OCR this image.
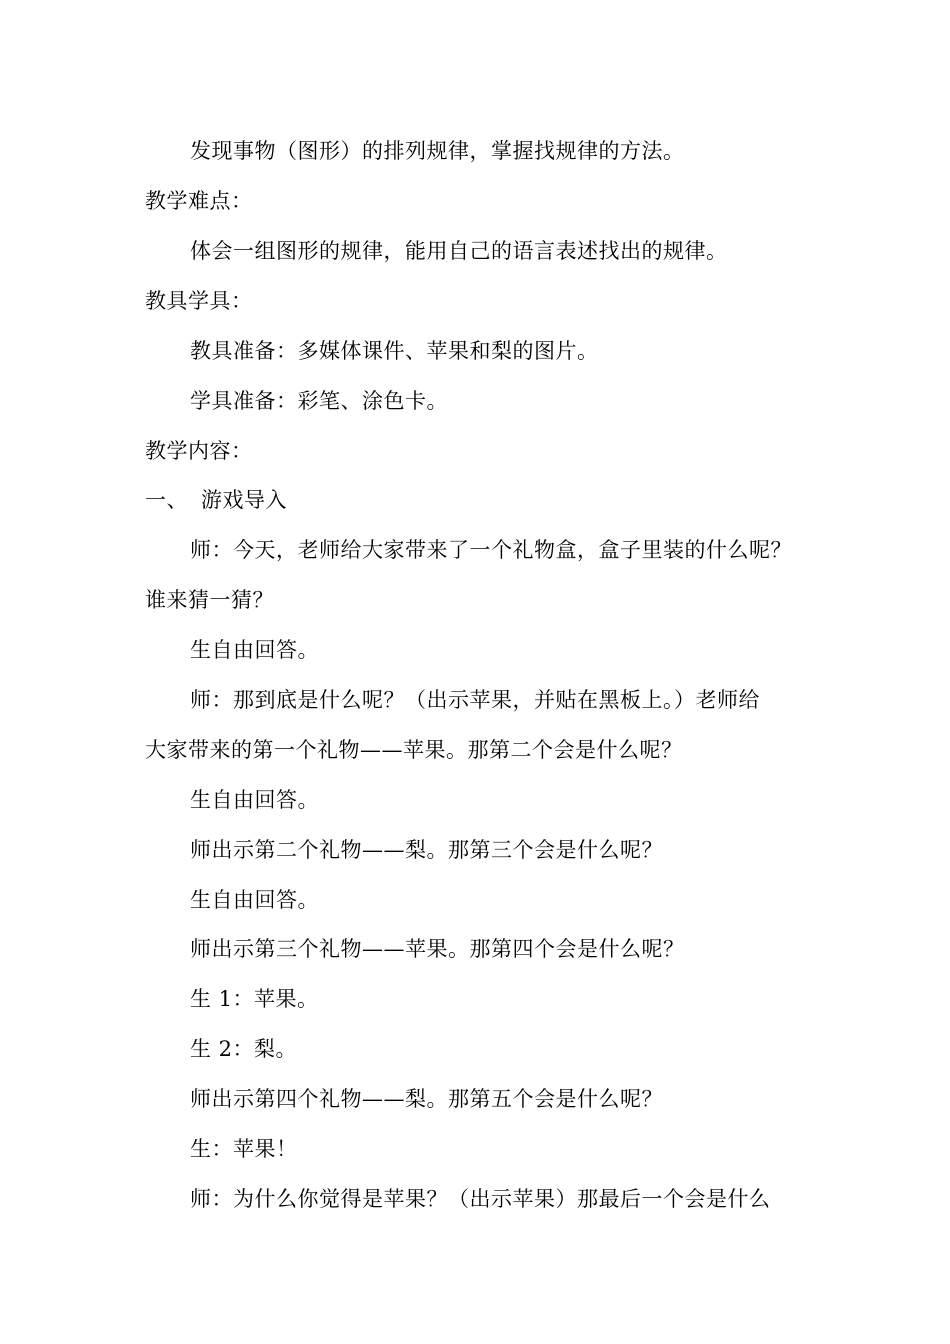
发现事物（图形）的排列规律，掌握找规律的方法。
教学难点：
体会一组图形的规律，能用自己的语言表述找出的规律。
教具学具：
教具准备：多媒体课件、苹果和梨的图片。
学具准备：彩笔、涂色卡。
教学内容：
一、 游戏导入
师：今天，老师给大家带来了一个礼物盒，盒子里装的什么呢？
谁来猜一猜？
生自由回答。
师：那到底是什么呢？（出示苹果，并贴在黑板上。）老师给
大家带来的第一个礼物——苹果。那第二个会是什么呢？
生自由回答。
师出示第二个礼物——梨。那第三个会是什么呢？
生自由回答。
师出示第三个礼物——苹果。那第四个会是什么呢？
生 1：苹果。
生 2：梨。
师出示第四个礼物——梨。那第五个会是什么呢？
生：苹果！
师：为什么你觉得是苹果？（出示苹果）那最后一个会是什么
